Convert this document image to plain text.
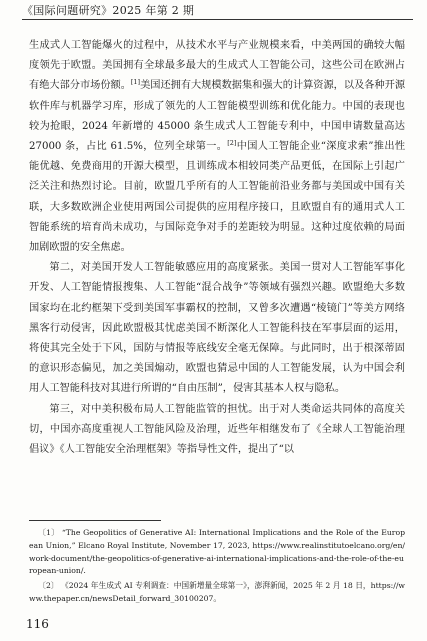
《国际问题研究》2025 年第 2 期

生成式人工智能爆火的过程中，从技术水平与产业规模来看，中美两国的确较大幅度领先于欧盟。美国拥有全球最多最大的生成式人工智能公司，这些公司在欧洲占有绝大部分市场份额。[1]美国还拥有大规模数据集和强大的计算资源，以及各种开源软件库与机器学习库，形成了领先的人工智能模型训练和优化能力。中国的表现也较为抢眼，2024 年新增的 45000 条生成式人工智能专利中，中国申请数量高达 27000 条，占比 61.5%，位列全球第一。[2]中国人工智能企业“深度求索”推出性能优越、免费商用的开源大模型，且训练成本相较同类产品更低，在国际上引起广泛关注和热烈讨论。目前，欧盟几乎所有的人工智能前沿业务都与美国或中国有关联，大多数欧洲企业使用两国公司提供的应用程序接口，且欧盟自有的通用式人工智能系统的培育尚未成功，与国际竞争对手的差距较为明显。这种过度依赖的局面加剧欧盟的安全焦虑。

第二，对美国开发人工智能敏感应用的高度紧张。美国一贯对人工智能军事化开发、人工智能情报搜集、人工智能“混合战争”等领域有强烈兴趣。欧盟绝大多数国家均在北约框架下受到美国军事霸权的控制，又曾多次遭遇“棱镜门”等美方网络黑客行动侵害，因此欧盟极其忧虑美国不断深化人工智能科技在军事层面的运用，将使其完全处于下风，国防与情报等底线安全毫无保障。与此同时，出于根深蒂固的意识形态偏见，加之美国煽动，欧盟也猜忌中国的人工智能发展，认为中国会利用人工智能科技对其进行所谓的“自由压制”，侵害其基本人权与隐私。

第三，对中美积极布局人工智能监管的担忧。出于对人类命运共同体的高度关切，中国亦高度重视人工智能风险及治理，近些年相继发布了《全球人工智能治理倡议》《人工智能安全治理框架》等指导性文件，提出了“以

〔1〕 “The Geopolitics of Generative AI: International Implications and the Role of the European Union,” Elcano Royal Institute, November 17, 2023, https://www.realinstitutoelcano.org/en/work-document/the-geopolitics-of-generative-ai-international-implications-and-the-role-of-the-european-union/.

〔2〕 《2024 年生成式 AI 专利调查：中国新增量全球第一》，澎湃新闻，2025 年 2 月 18 日，https://www.thepaper.cn/newsDetail_forward_30100207。

116
